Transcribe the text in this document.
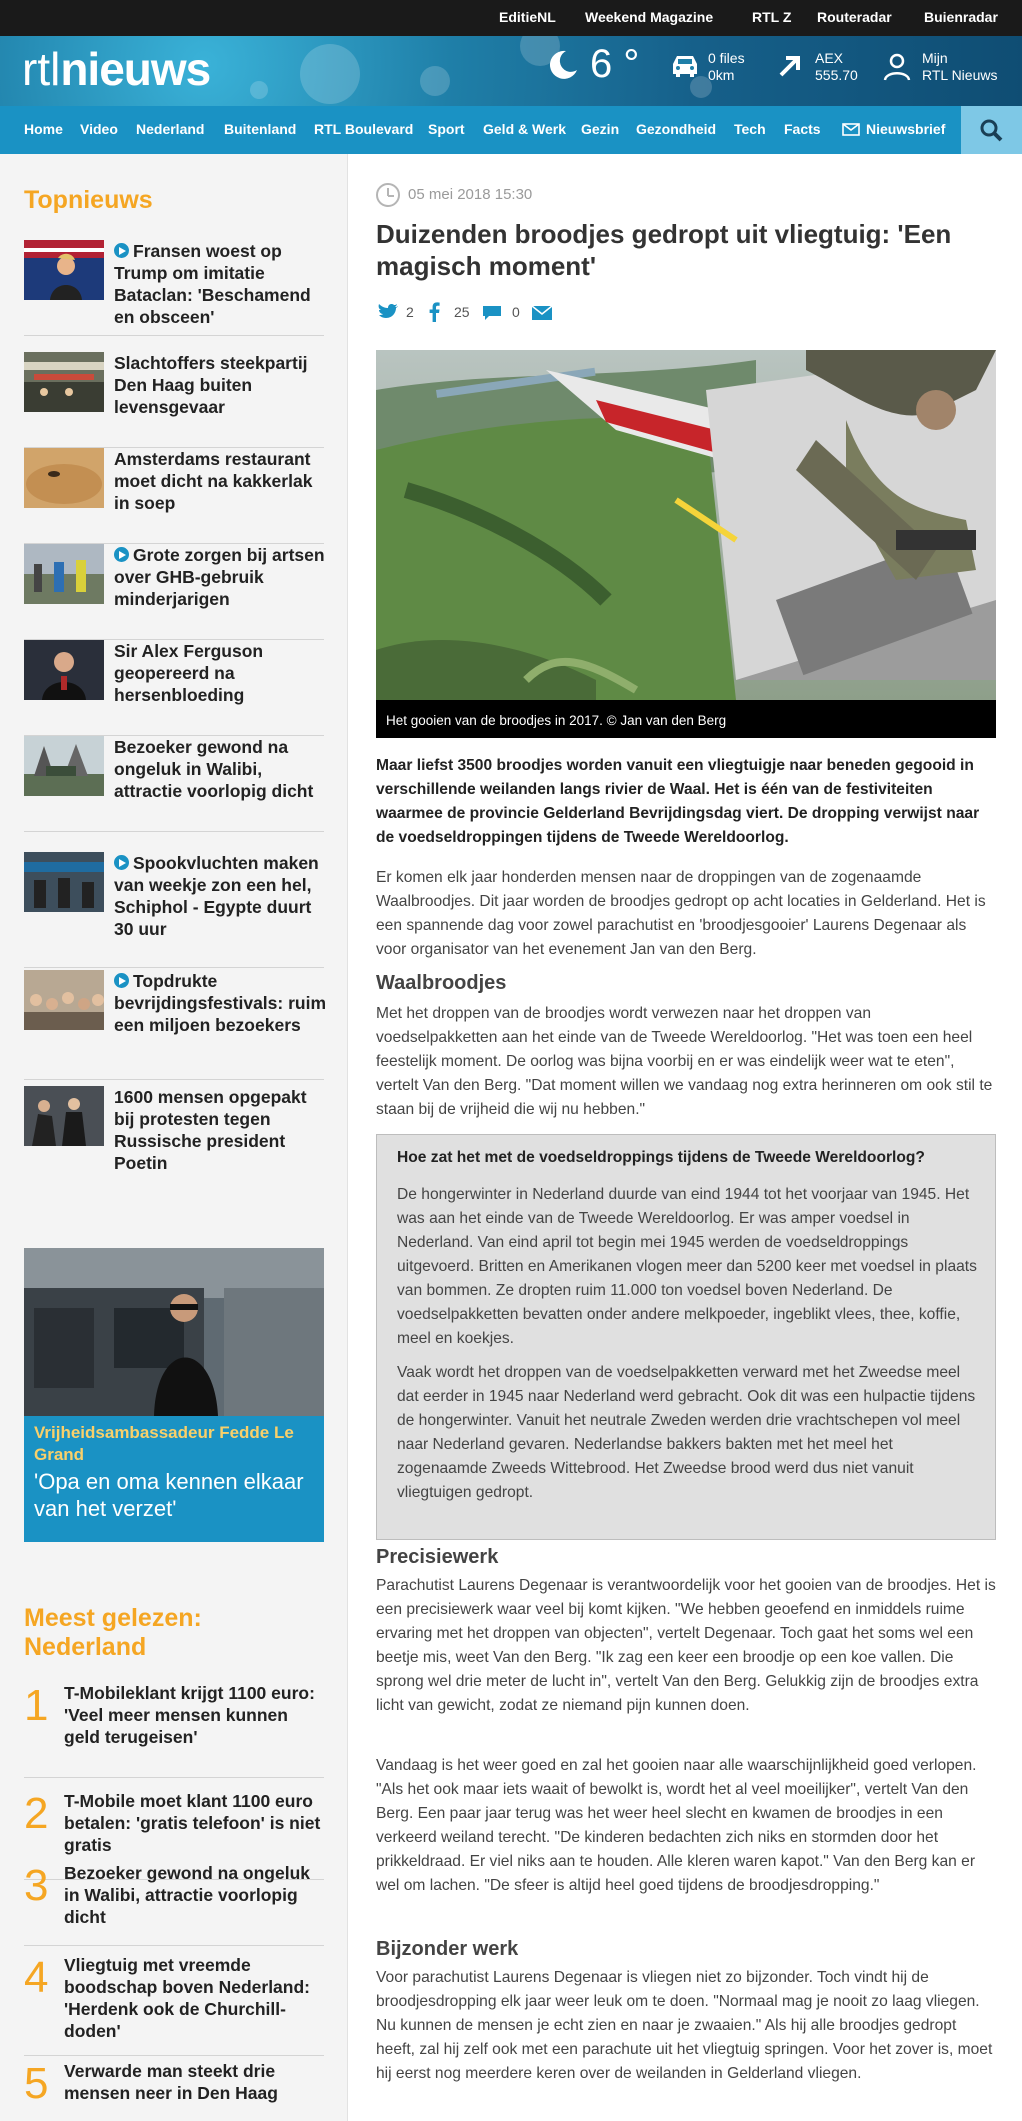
EditieNL Weekend Magazine	RTL Z Routeradar Buienradar
rtlnieuws	6 °	0 files
0km
AEX
555.70
Mijn
RTL Nieuws
Home Video Nederland Buitenland RTL Boulevard Sport Geld & Werk Gezin Gezondheid Tech Facts	Nieuwsbrief
Topnieuws
Fransen woest op Trump om imitatie Bataclan: 'Beschamend en obsceen'
Slachtoffers steekpartij Den Haag buiten levensgevaar
Amsterdams restaurant moet dicht na kakkerlak in soep
Grote zorgen bij artsen over GHB-gebruik minderjarigen
Sir Alex Ferguson geopereerd na hersenbloeding
Bezoeker gewond na ongeluk in Walibi, attractie voorlopig dicht
Spookvluchten maken van weekje zon een hel, Schiphol - Egypte duurt 30 uur
Topdrukte bevrijdingsfestivals: ruim een miljoen bezoekers
1600 mensen opgepakt bij protesten tegen Russische president Poetin
Vrijheidsambassadeur Fedde Le Grand
'Opa en oma kennen elkaar van het verzet'
Meest gelezen: Nederland
1 T-Mobileklant krijgt 1100 euro: 'Veel meer mensen kunnen geld terugeisen'
2 T-Mobile moet klant 1100 euro betalen: 'gratis telefoon' is niet gratis
3 Bezoeker gewond na ongeluk in Walibi, attractie voorlopig dicht
4 Vliegtuig met vreemde boodschap boven Nederland: 'Herdenk ook de Churchill-doden'
5 Verwarde man steekt drie mensen neer in Den Haag
05 mei 2018 15:30
Duizenden broodjes gedropt uit vliegtuig: 'Een magisch moment'
2	25	0
Het gooien van de broodjes in 2017. © Jan van den Berg
Maar liefst 3500 broodjes worden vanuit een vliegtuigje naar beneden gegooid in verschillende weilanden langs rivier de Waal. Het is één van de festiviteiten waarmee de provincie Gelderland Bevrijdingsdag viert. De dropping verwijst naar de voedseldroppingen tijdens de Tweede Wereldoorlog.
Er komen elk jaar honderden mensen naar de droppingen van de zogenaamde Waalbroodjes. Dit jaar worden de broodjes gedropt op acht locaties in Gelderland. Het is een spannende dag voor zowel parachutist en 'broodjesgooier' Laurens Degenaar als voor organisator van het evenement Jan van den Berg.
Waalbroodjes
Met het droppen van de broodjes wordt verwezen naar het droppen van voedselpakketten aan het einde van de Tweede Wereldoorlog. "Het was toen een heel feestelijk moment. De oorlog was bijna voorbij en er was eindelijk weer wat te eten", vertelt Van den Berg. "Dat moment willen we vandaag nog extra herinneren om ook stil te staan bij de vrijheid die wij nu hebben."
Hoe zat het met de voedseldroppings tijdens de Tweede Wereldoorlog?
De hongerwinter in Nederland duurde van eind 1944 tot het voorjaar van 1945. Het was aan het einde van de Tweede Wereldoorlog. Er was amper voedsel in Nederland. Van eind april tot begin mei 1945 werden de voedseldroppings uitgevoerd. Britten en Amerikanen vlogen meer dan 5200 keer met voedsel in plaats van bommen. Ze dropten ruim 11.000 ton voedsel boven Nederland. De voedselpakketten bevatten onder andere melkpoeder, ingeblikt vlees, thee, koffie, meel en koekjes.
Vaak wordt het droppen van de voedselpakketten verward met het Zweedse meel dat eerder in 1945 naar Nederland werd gebracht. Ook dit was een hulpactie tijdens de hongerwinter. Vanuit het neutrale Zweden werden drie vrachtschepen vol meel naar Nederland gevaren. Nederlandse bakkers bakten met het meel het zogenaamde Zweeds Wittebrood. Het Zweedse brood werd dus niet vanuit vliegtuigen gedropt.
Precisiewerk
Parachutist Laurens Degenaar is verantwoordelijk voor het gooien van de broodjes. Het is een precisiewerk waar veel bij komt kijken. "We hebben geoefend en inmiddels ruime ervaring met het droppen van objecten", vertelt Degenaar. Toch gaat het soms wel een beetje mis, weet Van den Berg. "Ik zag een keer een broodje op een koe vallen. Die sprong wel drie meter de lucht in", vertelt Van den Berg. Gelukkig zijn de broodjes extra licht van gewicht, zodat ze niemand pijn kunnen doen.
Vandaag is het weer goed en zal het gooien naar alle waarschijnlijkheid goed verlopen. "Als het ook maar iets waait of bewolkt is, wordt het al veel moeilijker", vertelt Van den Berg. Een paar jaar terug was het weer heel slecht en kwamen de broodjes in een verkeerd weiland terecht. "De kinderen bedachten zich niks en stormden door het prikkeldraad. Er viel niks aan te houden. Alle kleren waren kapot." Van den Berg kan er wel om lachen. "De sfeer is altijd heel goed tijdens de broodjesdropping."
Bijzonder werk
Voor parachutist Laurens Degenaar is vliegen niet zo bijzonder. Toch vindt hij de broodjesdropping elk jaar weer leuk om te doen. "Normaal mag je nooit zo laag vliegen. Nu kunnen de mensen je echt zien en naar je zwaaien." Als hij alle broodjes gedropt heeft, zal hij zelf ook met een parachute uit het vliegtuig springen. Voor het zover is, moet hij eerst nog meerdere keren over de weilanden in Gelderland vliegen.
